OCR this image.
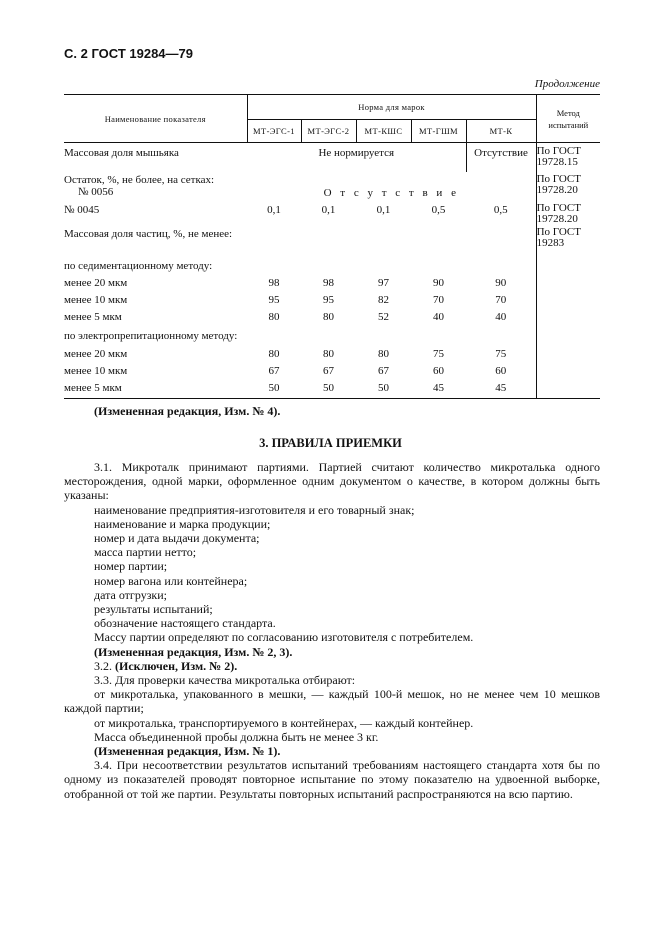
С. 2 ГОСТ 19284—79
Продолжение
Наименование показателя	Норма для марок					Метод испытаний
	МТ-ЭГС-1	МТ-ЭГС-2	МТ-КШС	МТ-ГШМ	МТ-К	
Массовая доля мышьяка	Не нормируется				Отсутствие	По ГОСТ 19728.15

Остаток, %, не более, на сетках:
№ 0056	О т с у т с т в и е					По ГОСТ 19728.20
№ 0045	0,1	0,1	0,1	0,5	0,5	По ГОСТ 19728.20
Массовая доля частиц, %, не менее:						По ГОСТ 19283
по седиментационному методу:						
менее 20 мкм	98	98	97	90	90	
менее 10 мкм	95	95	82	70	70	
менее 5 мкм	80	80	52	40	40	
по электропрепитационному методу:						
менее 20 мкм	80	80	80	75	75	
менее 10 мкм	67	67	67	60	60	
менее 5 мкм	50	50	50	45	45	
(Измененная редакция, Изм. № 4).
3. ПРАВИЛА ПРИЕМКИ

3.1. Микроталк принимают партиями. Партией считают количество микроталька одного месторождения, одной марки, оформленное одним документом о качестве, в котором должны быть указаны:

наименование предприятия-изготовителя и его товарный знак;

наименование и марка продукции;

номер и дата выдачи документа;

масса партии нетто;

номер партии;

номер вагона или контейнера;

дата отгрузки;

результаты испытаний;

обозначение настоящего стандарта.

Массу партии определяют по согласованию изготовителя с потребителем.

(Измененная редакция, Изм. № 2, 3).

3.2. (Исключен, Изм. № 2).

3.3. Для проверки качества микроталька отбирают:

от микроталька, упакованного в мешки, — каждый 100-й мешок, но не менее чем 10 мешков каждой партии;

от микроталька, транспортируемого в контейнерах, — каждый контейнер.

Масса объединенной пробы должна быть не менее 3 кг.

(Измененная редакция, Изм. № 1).

3.4. При несоответствии результатов испытаний требованиям настоящего стандарта хотя бы по одному из показателей проводят повторное испытание по этому показателю на удвоенной выборке, отобранной от той же партии. Результаты повторных испытаний распространяются на всю партию.
